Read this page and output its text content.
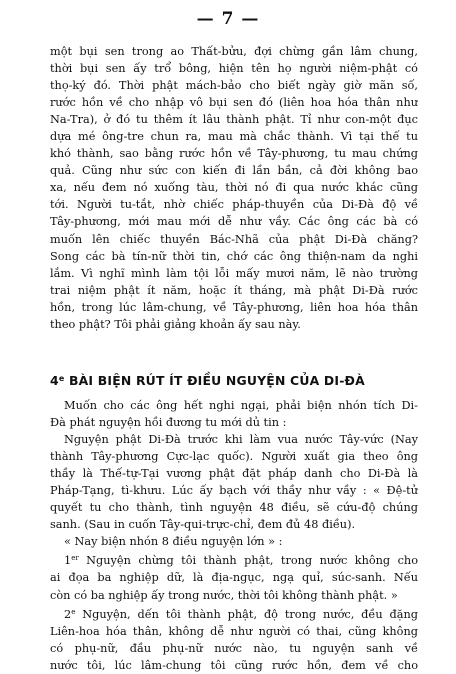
— 7 —
một bụi sen trong ao Thất-bửu, đợi chừng gần lâm chung,
thời bụi sen ấy trổ bông, hiện tên họ người niệm-phật có
thọ-ký đó. Thời phật mách-bảo cho biết ngày giờ mãn số,
rước hồn về cho nhập vô bụi sen đó (liên hoa hóa thân như
Na-Tra), ở đó tu thêm ít lâu thành phật. Tỉ như con-một đục
dựa mé ông-tre chun ra, mau mà chắc thành. Vì tại thế tu
khó thành, sao bằng rước hồn về Tây-phương, tu mau chứng
quả. Cũng như sức con kiến đi lần bần, cả đời không bao
xa, nếu đem nó xuống tàu, thời nó đi qua nước khác cũng
tới. Người tu-tắt, nhờ chiếc pháp-thuyền của Di-Đà độ về
Tây-phương, mới mau mới dễ như vầy. Các ông các bà có
muốn lên chiếc thuyền Bác-Nhã của phật Di-Đà chăng?
Song các bà tín-nữ thời tin, chớ các ông thiện-nam da nghi
lắm. Vì nghĩ mình làm tội lỗi mấy mươi năm, lẽ nào trường
trai niệm phật ít năm, hoặc ít tháng, mà phật Di-Đà rước
hồn, trong lúc lâm-chung, về Tây-phương, liên hoa hóa thân
theo phật? Tôi phải giảng khoản ấy sau này.
4e BÀI BIỆN RÚT ÍT ĐIỀU NGUYỆN CỦA DI-ĐÀ
Muốn cho các ông hết nghi ngại, phải biện nhón tích Di-
Đà phát nguyện hồi đương tu mới dủ tin :
Nguyện phật Di-Đà trước khi làm vua nước Tây-vức (Nay
thành Tây-phương Cực-lạc quốc). Người xuất gia theo ông
thầy là Thế-tự-Tại vương phật đặt pháp danh cho Di-Đà là
Pháp-Tạng, tì-khưu. Lúc ấy bạch với thầy như vầy : « Đệ-tử
quyết tu cho thành, tình nguyện 48 điều, sẽ cứu-độ chúng
sanh. (Sau in cuốn Tây-qui-trực-chỉ, đem đủ 48 điều).
« Nay biện nhón 8 điều nguyện lớn » :
1er Nguyện chừng tôi thành phật, trong nước không cho
ai đọa ba nghiệp dữ, là địa-ngục, ngạ quỉ, súc-sanh. Nếu
còn có ba nghiệp ấy trong nước, thời tôi không thành phật. »
2e Nguyện, dến tôi thành phật, độ trong nước, đều đặng
Liên-hoa hóa thân, không dễ như người có thai, cũng không
có phụ-nữ, đầu phụ-nữ nước nào, tu nguyện sanh về
nước tôi, lúc lâm-chung tôi cũng rước hồn, đem về cho
